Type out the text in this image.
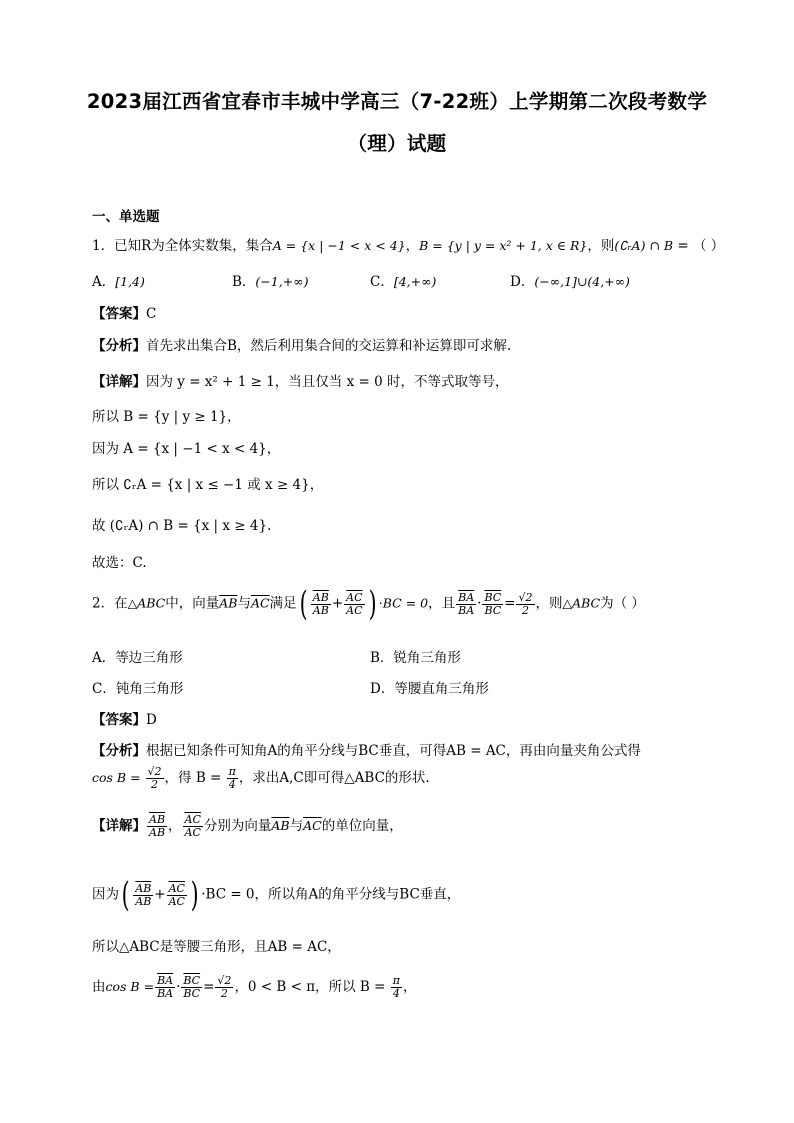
2023届江西省宜春市丰城中学高三（7-22班）上学期第二次段考数学
（理）试题
一、单选题
1．已知R为全体实数集，集合A = {x | −1 < x < 4}，B = {y | y = x² + 1, x ∈ R}，则(∁ᵣA) ∩ B = （ ）
A．[1,4)	B．(−1,+∞)	C．[4,+∞)	D．(−∞,1]∪(4,+∞)
【答案】C
【分析】首先求出集合B，然后利用集合间的交运算和补运算即可求解.
【详解】因为 y = x² + 1 ≥ 1，当且仅当 x = 0 时，不等式取等号，
所以 B = {y | y ≥ 1}，
因为 A = {x | −1 < x < 4}，
所以 ∁ᵣA = {x | x ≤ −1 或 x ≥ 4}，
故 (∁ᵣA) ∩ B = {x | x ≥ 4}.
故选：C.
2．在△ABC中，向量$\overline{AB}$与$\overline{AC}$满足( $\frac{\overline{AB}}{AB} + \frac{\overline{AC}}{AC}$ ) ·BC = 0，且 $\frac{\overline{BA}}{BA} \cdot \frac{\overline{BC}}{BC} = \frac{√2}{2}$ ，则△ABC为（ ）
A．等边三角形	B．锐角三角形
C．钝角三角形	D．等腰直角三角形
【答案】D
【分析】根据已知条件可知角A的角平分线与BC垂直，可得AB = AC，再由向量夹角公式得
$\cos B = \frac{√2}{2}$ ，得 $B = \frac{\pi}{4}$ ，求出A,C即可得△ABC的形状.
【详解】 $\frac{\overline{AB}}{AB}$ ， $\frac{\overline{AC}}{AC}$ 分别为向量$\overline{AB}$与$\overline{AC}$的单位向量，
因为( $\frac{\overline{AB}}{AB} + \frac{\overline{AC}}{AC}$ ) ·BC = 0，所以角A的角平分线与BC垂直，
所以△ABC是等腰三角形，且AB = AC，
由$\cos B = \frac{\overline{BA}}{BA} \cdot \frac{\overline{BC}}{BC} = \frac{√2}{2}$ ，0 < B < π，所以 $B = \frac{\pi}{4}$ ，
